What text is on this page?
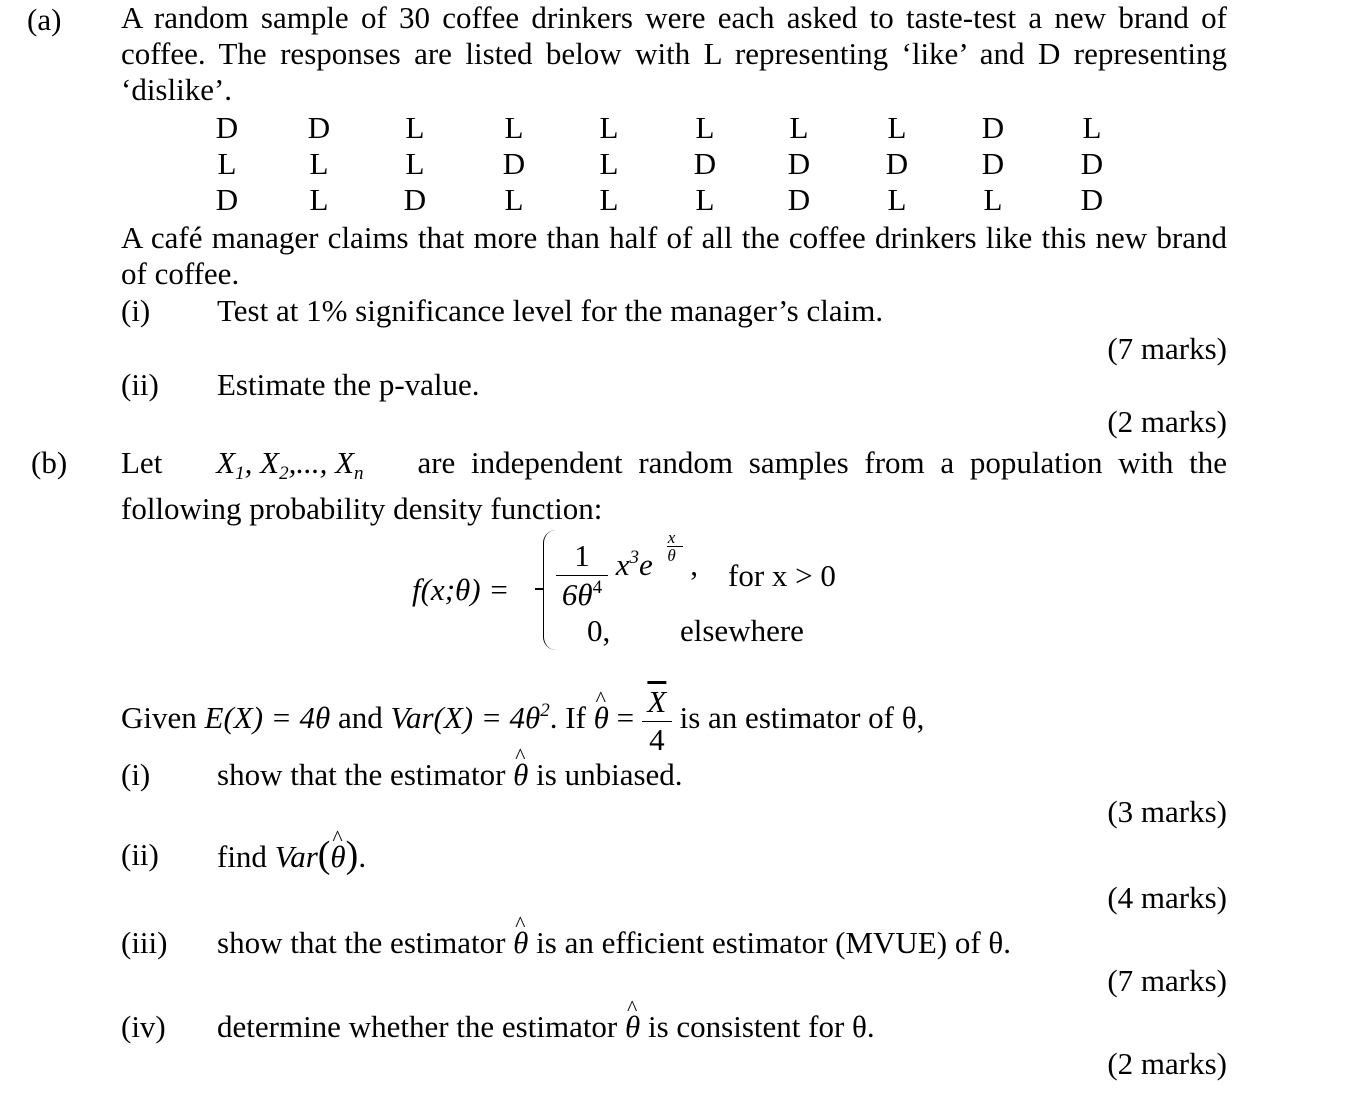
(a) A random sample of 30 coffee drinkers were each asked to taste-test a new brand of coffee. The responses are listed below with L representing ‘like’ and D representing ‘dislike’.
D D	L	L	L	L	L	L	D	L
L	L	L	D	L	D D D D D
D	L	D	L	L	L	D	L	L	D
A café manager claims that more than half of all the coffee drinkers like this new brand of coffee.
(i) Test at 1% significance level for the manager’s claim.
(7 marks)
(ii) Estimate the p-value.
(2 marks)
(b) Let $X_1$, $X_2$,..., $X_n$ are independent random samples from a population with the
following probability density function:
f(x;θ) = $\frac{1}{6\theta^4} x^3e$
$\frac{x}{\theta}$
, for x > 0
0, elsewhere
Given E(X) = 4θ and $Var(X) = 4\theta^2$. If ^ $\theta = \frac{\overline{X}}{4}$ is an estimator of θ,
(i) show that the estimator ^ θ is unbiased.
(3 marks)
(ii) find Var(^ θ).
(4 marks)
(iii) show that the estimator ^ θ is an efficient estimator (MVUE) of θ.
(7 marks)
(iv) determine whether the estimator ^ θ is consistent for θ.
(2 marks)
